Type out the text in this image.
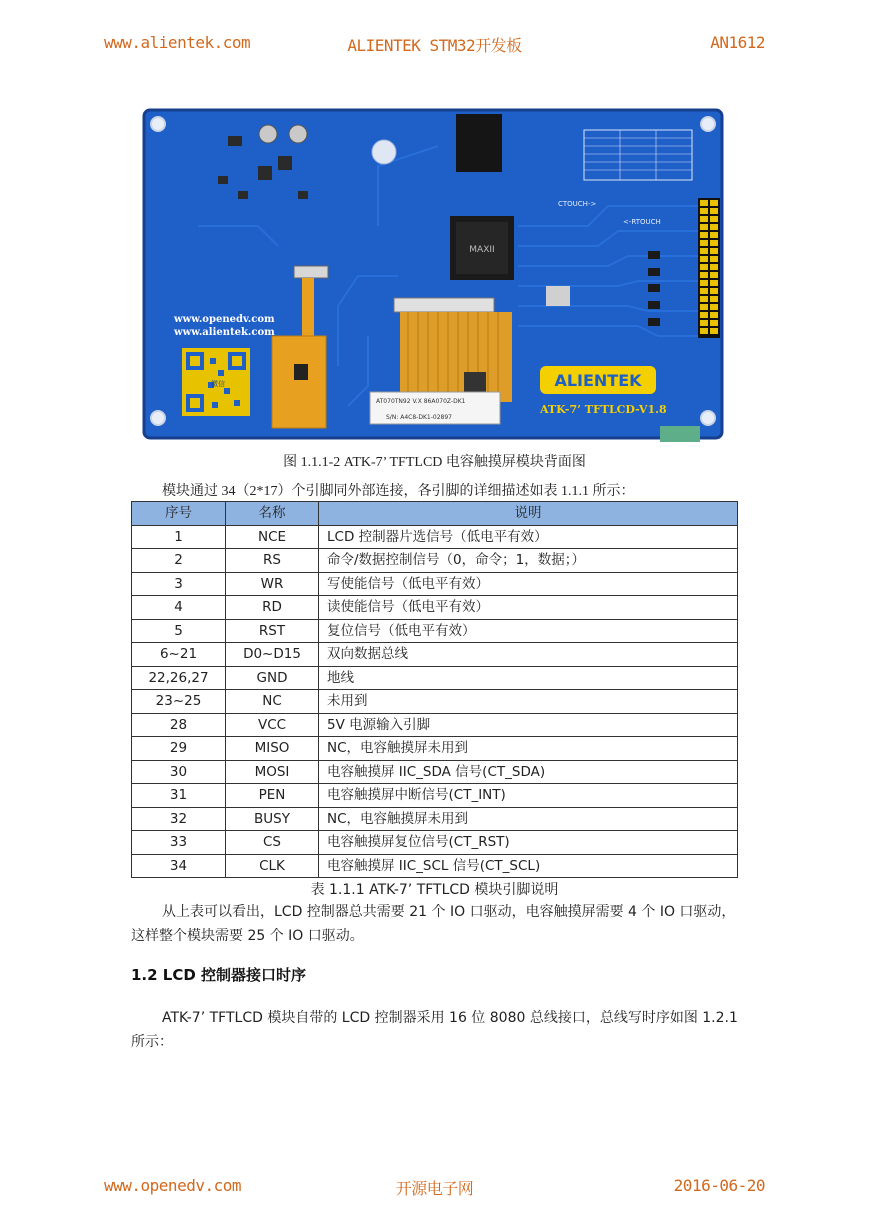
www.alientek.com	ALIENTEK STM32开发板	AN1612
MAXII
CTOUCH->
<-RTOUCH
AT070TN92 V.X 86A070Z-DK1
S/N: A4C8-DK1-02897
www.openedv.com
www.alientek.com
微信	ALIENTEK
ATK-7’ TFTLCD-V1.8
图 1.1.1-2 ATK-7’ TFTLCD 电容触摸屏模块背面图
模块通过 34（2*17）个引脚同外部连接，各引脚的详细描述如表 1.1.1 所示：
序号	名称	说明
1	NCE	LCD 控制器片选信号（低电平有效）
2	RS	命令/数据控制信号（0，命令；1，数据；）
3	WR	写使能信号（低电平有效）
4	RD	读使能信号（低电平有效）
5	RST	复位信号（低电平有效）
6~21	D0~D15	双向数据总线
22,26,27	GND	地线
23~25	NC	未用到
28	VCC	5V 电源输入引脚
29	MISO	NC，电容触摸屏未用到
30	MOSI	电容触摸屏 IIC_SDA 信号(CT_SDA)
31	PEN	电容触摸屏中断信号(CT_INT)
32	BUSY	NC，电容触摸屏未用到
33	CS	电容触摸屏复位信号(CT_RST)
34	CLK	电容触摸屏 IIC_SCL 信号(CT_SCL)
表 1.1.1 ATK-7’ TFTLCD 模块引脚说明
从上表可以看出，LCD 控制器总共需要 21 个 IO 口驱动，电容触摸屏需要 4 个 IO 口驱动，这样整个模块需要 25 个 IO 口驱动。
1.2 LCD 控制器接口时序
ATK-7’ TFTLCD 模块自带的 LCD 控制器采用 16 位 8080 总线接口，总线写时序如图 1.2.1 所示：
www.openedv.com	开源电子网	2016-06-20
